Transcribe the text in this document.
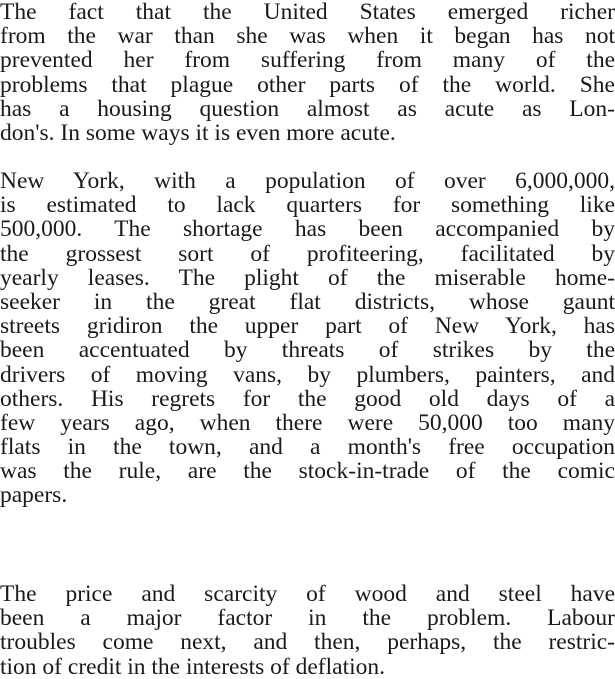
The fact that the United States emerged richer
from the war than she was when it began has not
prevented her from suffering from many of the
problems that plague other parts of the world. She
has a housing question almost as acute as Lon-
don's. In some ways it is even more acute.
New York, with a population of over 6,000,000,
is estimated to lack quarters for something like
500,000. The shortage has been accompanied by
the grossest sort of profiteering, facilitated by
yearly leases. The plight of the miserable home-
seeker in the great flat districts, whose gaunt
streets gridiron the upper part of New York, has
been accentuated by threats of strikes by the
drivers of moving vans, by plumbers, painters, and
others. His regrets for the good old days of a
few years ago, when there were 50,000 too many
flats in the town, and a month's free occupation
was the rule, are the stock-in-trade of the comic
papers.
The price and scarcity of wood and steel have
been a major factor in the problem. Labour
troubles come next, and then, perhaps, the restric-
tion of credit in the interests of deflation.
